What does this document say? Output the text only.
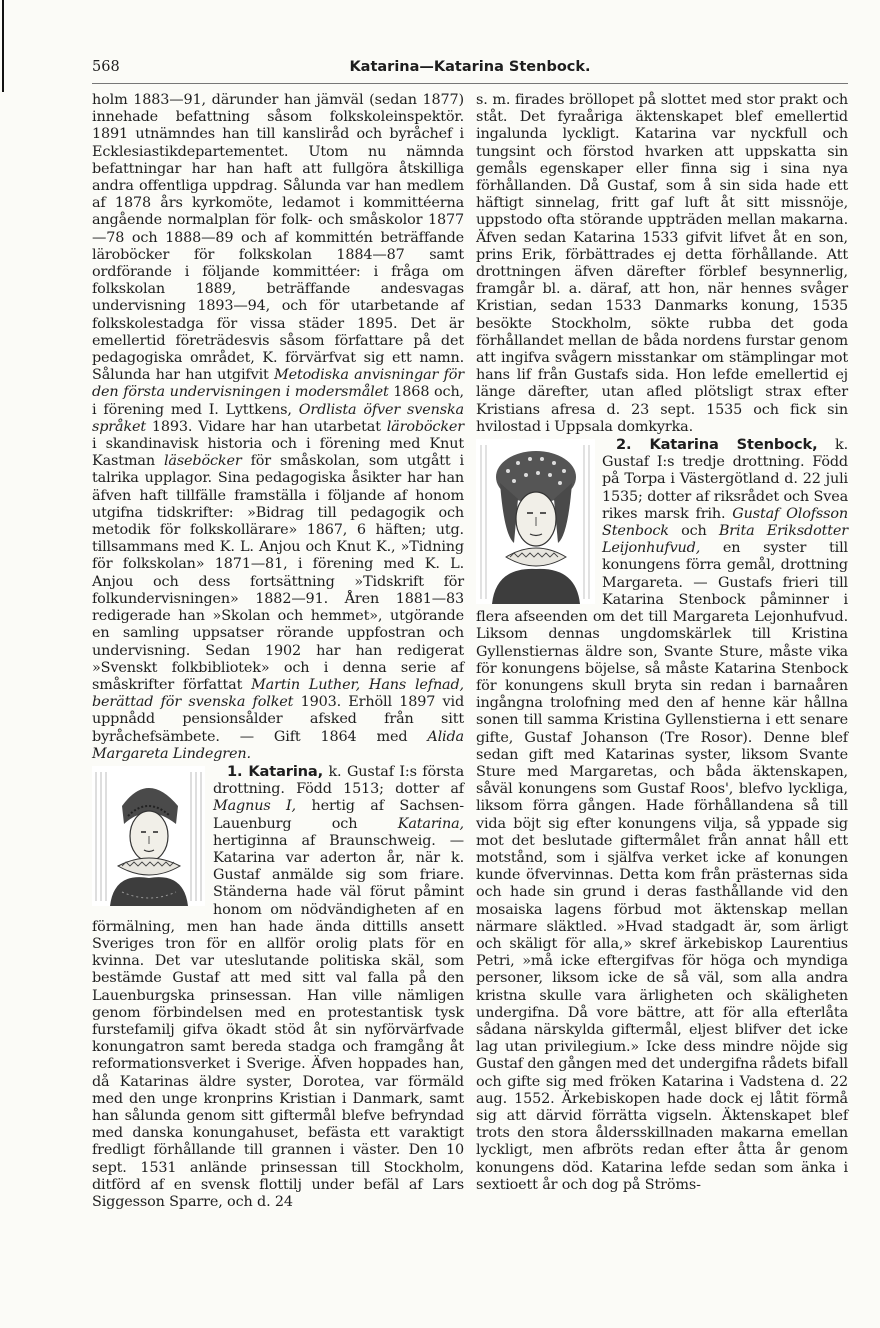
568	Katarina—Katarina Stenbock.

holm 1883—91, därunder han jämväl (sedan 1877) innehade befattning såsom folkskoleinspektör. 1891 utnämndes han till kansliråd och byråchef i Ecklesiastikdepartementet. Utom nu nämnda befattningar har han haft att fullgöra åtskilliga andra offentliga uppdrag. Sålunda var han medlem af 1878 års kyrkomöte, ledamot i kommittéerna angående normalplan för folk- och småskolor 1877—78 och 1888—89 och af kommittén beträffande läroböcker för folkskolan 1884—87 samt ordförande i följande kommittéer: i fråga om folkskolan 1889, beträffande andesvagas undervisning 1893—94, och för utarbetande af folkskolestadga för vissa städer 1895. Det är emellertid företrädesvis såsom författare på det pedagogiska området, K. förvärfvat sig ett namn. Sålunda har han utgifvit Metodiska anvisningar för den första undervisningen i modersmålet 1868 och, i förening med I. Lyttkens, Ordlista öfver svenska språket 1893. Vidare har han utarbetat läroböcker i skandinavisk historia och i förening med Knut Kastman läseböcker för småskolan, som utgått i talrika upplagor. Sina pedagogiska åsikter har han äfven haft tillfälle framställa i följande af honom utgifna tidskrifter: »Bidrag till pedagogik och metodik för folkskollärare» 1867, 6 häften; utg. tillsammans med K. L. Anjou och Knut K., »Tidning för folkskolan» 1871—81, i förening med K. L. Anjou och dess fortsättning »Tidskrift för folkundervisningen» 1882—91. Åren 1881—83 redigerade han »Skolan och hemmet», utgörande en samling uppsatser rörande uppfostran och undervisning. Sedan 1902 har han redigerat »Svenskt folkbibliotek» och i denna serie af småskrifter författat Martin Luther, Hans lefnad, berättad för svenska folket 1903. Erhöll 1897 vid uppnådd pensionsålder afsked från sitt byråchefsämbete. — Gift 1864 med Alida Margareta Lindegren.

1. Katarina, k. Gustaf I:s första drottning. Född 1513; dotter af Magnus I, hertig af Sachsen-Lauenburg och	Katarina, hertiginna af Braunschweig. — Katarina var aderton år, när k. Gustaf anmälde sig som friare. Ständerna hade väl förut påmint honom om nödvändigheten af en förmälning, men han hade ända dittills ansett Sveriges tron för en allför orolig plats för en kvinna. Det var uteslutande politiska skäl, som bestämde Gustaf att med sitt val falla på den Lauenburgska prinsessan. Han ville nämligen genom förbindelsen med en protestantisk tysk furstefamilj gifva ökadt stöd åt sin nyförvärfvade konungatron samt bereda stadga och framgång åt reformationsverket i Sverige. Äfven hoppades han, då Katarinas äldre syster, Dorotea, var förmäld med den unge kronprins Kristian i Danmark, samt han sålunda genom sitt giftermål blefve befryndad med danska konungahuset, befästa ett varaktigt fredligt förhållande till grannen i väster. Den 10 sept. 1531 anlände prinsessan till Stockholm, ditförd af en svensk flottilj under befäl af Lars Siggesson Sparre, och d. 24

s. m. firades bröllopet på slottet med stor prakt och ståt. Det fyraåriga äktenskapet blef emellertid ingalunda lyckligt. Katarina var nyckfull och tungsint och förstod hvarken att uppskatta sin gemåls egenskaper eller finna sig i sina nya förhållanden. Då Gustaf, som å sin sida hade ett häftigt sinnelag, fritt gaf luft åt sitt missnöje, uppstodo ofta störande uppträden mellan makarna. Äfven sedan Katarina 1533 gifvit lifvet åt en son, prins Erik, förbättrades ej detta förhållande. Att drottningen äfven därefter förblef besynnerlig, framgår bl. a. däraf, att hon, när hennes svåger Kristian, sedan 1533 Danmarks konung, 1535 besökte Stockholm, sökte rubba det goda förhållandet mellan de båda nordens furstar genom att ingifva svågern misstankar om stämplingar mot hans lif från Gustafs sida. Hon lefde emellertid ej länge därefter, utan afled plötsligt strax efter Kristians afresa d. 23 sept. 1535 och fick sin hvilostad i Uppsala domkyrka.

2. Katarina Stenbock, k. Gustaf I:s tredje drottning. Född på Torpa i Västergötland d. 22 juli 1535; dotter af riksrådet och Svea rikes marsk frih. Gustaf Olofsson Stenbock och Brita Eriksdotter Leijonhufvud, en syster till konungens förra gemål, drottning Margareta. — Gustafs frieri till Katarina Stenbock påminner i flera afseenden om det till Margareta Lejonhufvud. Liksom dennas ungdomskärlek till Kristina Gyllenstiernas äldre son, Svante Sture, måste vika för konungens böjelse, så måste Katarina Stenbock för konungens skull bryta sin redan i barnaåren ingångna trolofning med den af henne kär hållna sonen till samma Kristina Gyllenstierna i ett senare gifte, Gustaf Johanson (Tre Rosor). Denne blef sedan gift med Katarinas syster, liksom Svante Sture med Margaretas, och båda äktenskapen, såväl konungens som Gustaf Roos', blefvo lyckliga, liksom förra gången. Hade förhållandena så till vida böjt sig efter konungens vilja, så yppade sig mot det beslutade giftermålet från annat håll ett motstånd, som i själfva verket icke af konungen kunde öfvervinnas. Detta kom från prästernas sida och hade sin grund i deras fasthållande vid den mosaiska lagens förbud mot äktenskap mellan närmare släktled. »Hvad stadgadt är, som ärligt och skäligt för alla,» skref ärkebiskop Laurentius Petri, »må icke eftergifvas för höga och myndiga personer, liksom icke de så väl, som alla andra kristna skulle vara ärligheten och skäligheten undergifna. Då vore bättre, att för alla efterlåta sådana närskylda giftermål, eljest blifver det icke lag utan privilegium.» Icke dess mindre nöjde sig Gustaf den gången med det undergifna rådets bifall och gifte sig med fröken Katarina i Vadstena d. 22 aug. 1552. Ärkebiskopen hade dock ej låtit förmå sig att därvid förrätta vigseln. Äktenskapet blef trots den stora åldersskillnaden makarna emellan lyckligt, men afbröts redan efter åtta år genom konungens död. Katarina lefde sedan som änka i sextioett år och dog på Ströms-
